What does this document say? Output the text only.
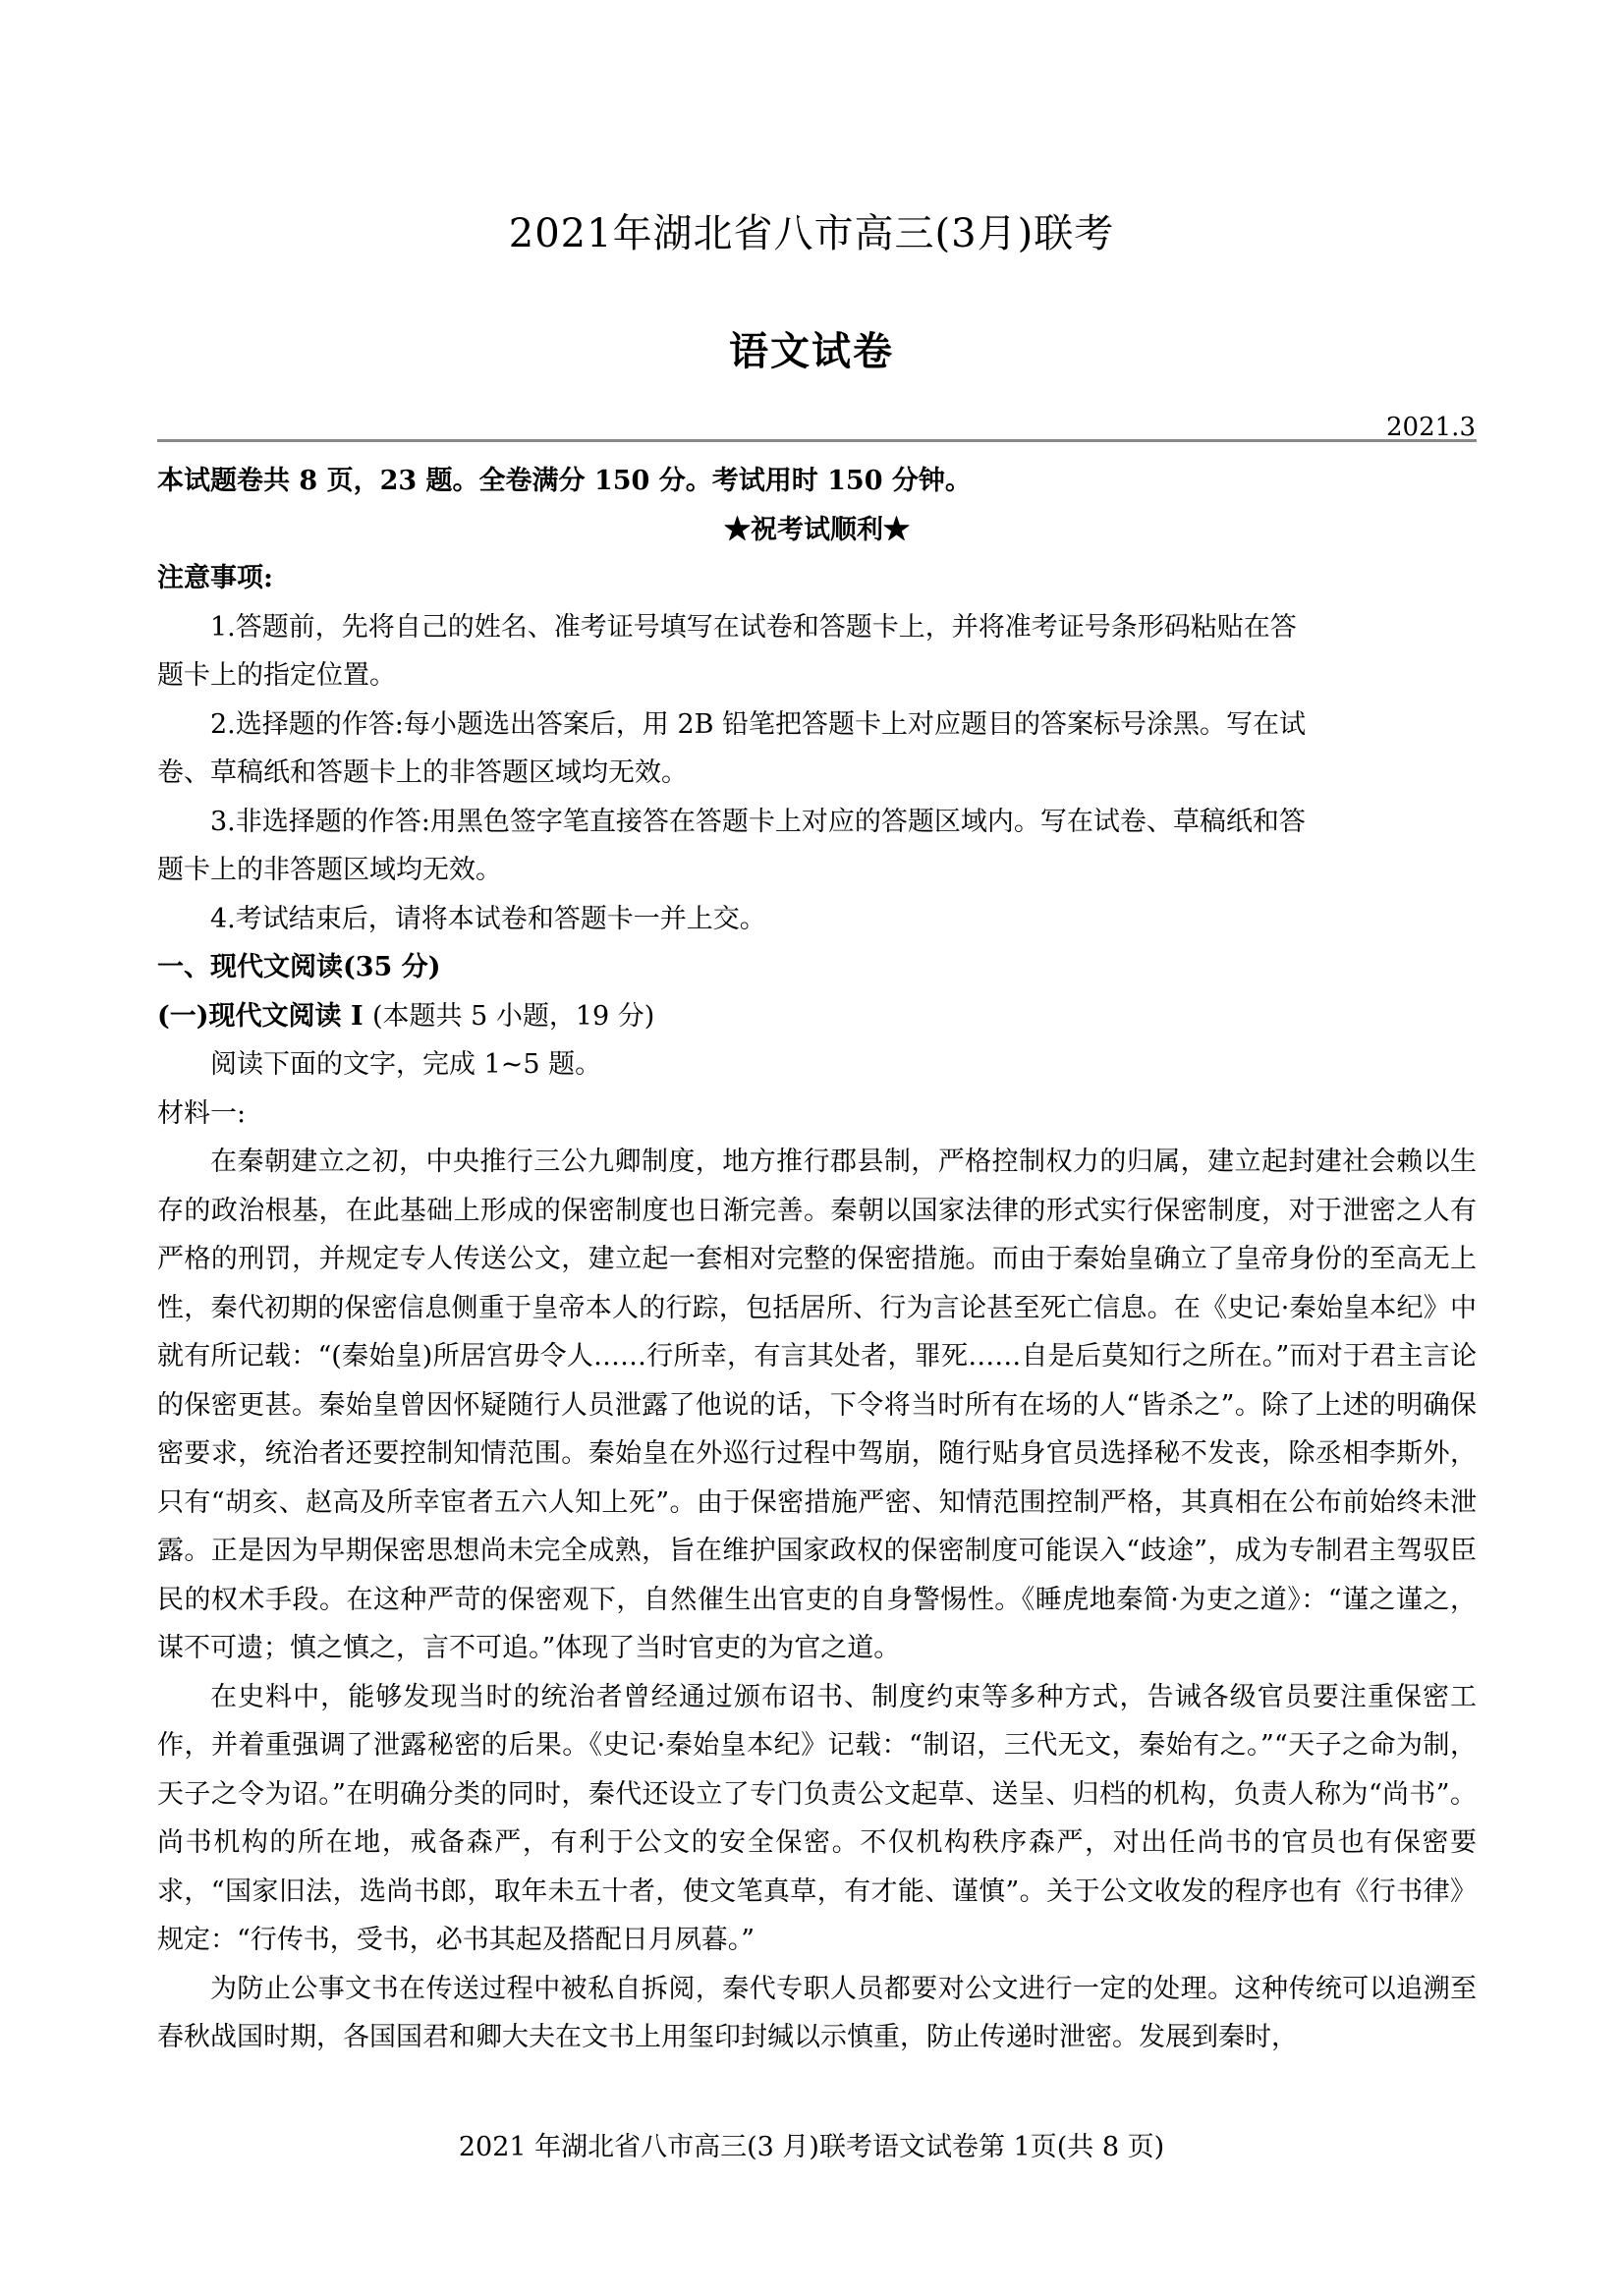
2021年湖北省八市高三(3月)联考
语文试卷
2021.3

本试题卷共 8 页，23 题。全卷满分 150 分。考试用时 150 分钟。

★祝考试顺利★

注意事项:

1.答题前，先将自己的姓名、准考证号填写在试卷和答题卡上，并将准考证号条形码粘贴在答题卡上的指定位置。

2.选择题的作答:每小题选出答案后，用 2B 铅笔把答题卡上对应题目的答案标号涂黑。写在试卷、草稿纸和答题卡上的非答题区域均无效。

3.非选择题的作答:用黑色签字笔直接答在答题卡上对应的答题区域内。写在试卷、草稿纸和答题卡上的非答题区域均无效。

4.考试结束后，请将本试卷和答题卡一并上交。

一、现代文阅读(35 分)

(一)现代文阅读 I (本题共 5 小题，19 分)

阅读下面的文字，完成 1~5 题。

材料一:

在秦朝建立之初，中央推行三公九卿制度，地方推行郡县制，严格控制权力的归属，建立起封建社会赖以生存的政治根基，在此基础上形成的保密制度也日渐完善。秦朝以国家法律的形式实行保密制度，对于泄密之人有严格的刑罚，并规定专人传送公文，建立起一套相对完整的保密措施。而由于秦始皇确立了皇帝身份的至高无上性，秦代初期的保密信息侧重于皇帝本人的行踪，包括居所、行为言论甚至死亡信息。在《史记·秦始皇本纪》中就有所记载：“(秦始皇)所居宫毋令人……行所幸，有言其处者，罪死……自是后莫知行之所在。”而对于君主言论的保密更甚。秦始皇曾因怀疑随行人员泄露了他说的话，下令将当时所有在场的人“皆杀之”。除了上述的明确保密要求，统治者还要控制知情范围。秦始皇在外巡行过程中驾崩，随行贴身官员选择秘不发丧，除丞相李斯外，只有“胡亥、赵高及所幸宦者五六人知上死”。由于保密措施严密、知情范围控制严格，其真相在公布前始终未泄露。正是因为早期保密思想尚未完全成熟，旨在维护国家政权的保密制度可能误入“歧途”，成为专制君主驾驭臣民的权术手段。在这种严苛的保密观下，自然催生出官吏的自身警惕性。《睡虎地秦简·为吏之道》：“谨之谨之，谋不可遗；慎之慎之，言不可追。”体现了当时官吏的为官之道。

在史料中，能够发现当时的统治者曾经通过颁布诏书、制度约束等多种方式，告诫各级官员要注重保密工作，并着重强调了泄露秘密的后果。《史记·秦始皇本纪》记载：“制诏，三代无文，秦始有之。”“天子之命为制，天子之令为诏。”在明确分类的同时，秦代还设立了专门负责公文起草、送呈、归档的机构，负责人称为“尚书”。尚书机构的所在地，戒备森严，有利于公文的安全保密。不仅机构秩序森严，对出任尚书的官员也有保密要求，“国家旧法，选尚书郎，取年未五十者，使文笔真草，有才能、谨慎”。关于公文收发的程序也有《行书律》规定：“行传书，受书，必书其起及搭配日月夙暮。”

为防止公事文书在传送过程中被私自拆阅，秦代专职人员都要对公文进行一定的处理。这种传统可以追溯至春秋战国时期，各国国君和卿大夫在文书上用玺印封缄以示慎重，防止传递时泄密。发展到秦时，

2021 年湖北省八市高三(3 月)联考语文试卷第 1页(共 8 页)
